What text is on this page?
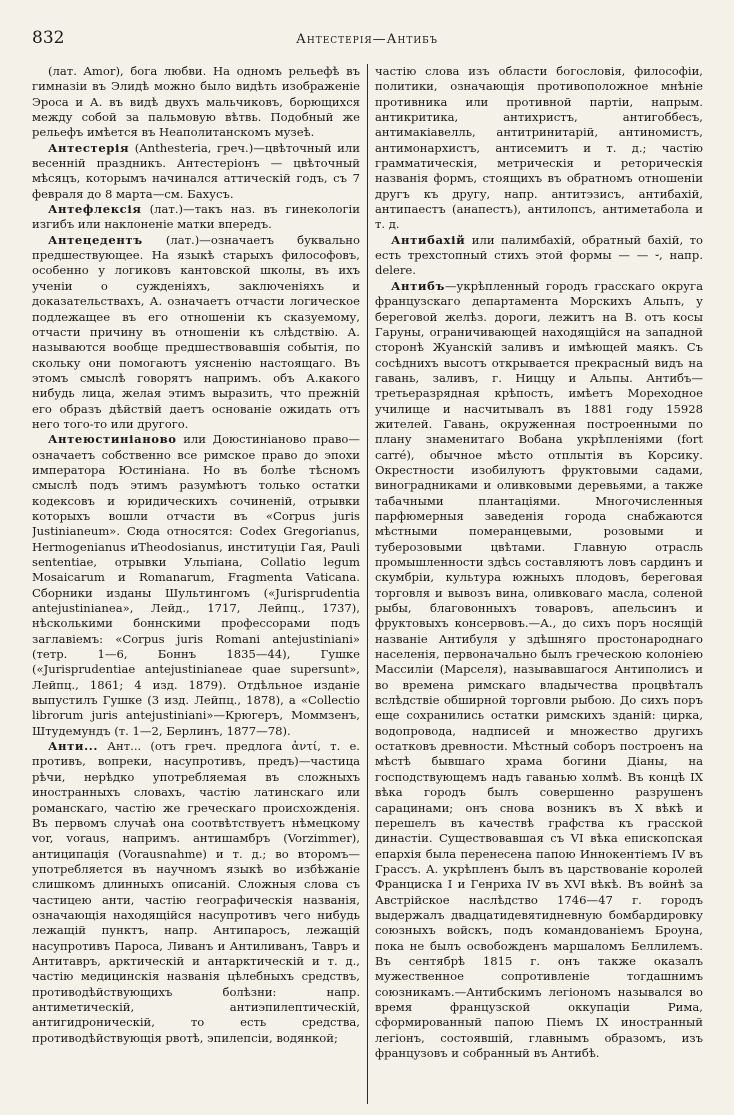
832	Антестерія—Антибъ

(лат. Amor), бога любви. На одномъ рельефѣ въ гимназіи въ Элидѣ можно было видѣть изображеніе Эроса и А. въ видѣ двухъ мальчиковъ, борющихся между собой за пальмовую вѣтвь. Подобный же рельефъ имѣется въ Неаполитанскомъ музеѣ.

Антестерія (Anthesteria, греч.)—цвѣточный или весенній праздникъ. Антестеріонъ — цвѣточный мѣсяцъ, которымъ начинался аттическій годъ, съ 7 февраля до 8 марта—см. Бахусъ.

Антефлексія (лат.)—такъ наз. въ гинекологіи изгибъ или наклоненіе матки впередъ.

Антецедентъ (лат.)—означаетъ буквально предшествующее. На языкѣ старыхъ философовъ, особенно у логиковъ кантовской школы, въ ихъ ученіи о сужденіяхъ, заключеніяхъ и доказательствахъ, А. означаетъ отчасти логическое подлежащее въ его отношеніи къ сказуемому, отчасти причину въ отношеніи къ слѣдствію. А. называются вообще предшествовавшія событія, по скольку они помогаютъ уясненію настоящаго. Въ этомъ смыслѣ говорятъ напримъ. объ А.какого нибудь лица, желая этимъ выразить, что прежній его образъ дѣйствій даетъ основаніе ожидать отъ него того-то или другого.

Антеюстиніаново или Доюстиніаново право—означаетъ собственно все римское право до эпохи императора Юстиніана. Но въ болѣе тѣсномъ смыслѣ подъ этимъ разумѣютъ только остатки кодексовъ и юридическихъ сочиненій, отрывки которыхъ вошли отчасти въ «Corpus juris Justinianeum». Сюда относятся: Codex Gregorianus, Hermogenianus иTheodosianus, институціи Гая, Pauli sententiae, отрывки Ульпіана, Collatio legum Mosaicarum и Romanarum, Fragmenta Vaticana. Сборники изданы Шультингомъ («Jurisprudentia antejustinianea», Лейд., 1717, Лейпц., 1737), нѣсколькими боннскими профессорами подъ заглавіемъ: «Corpus juris Romani antejustiniani» (тетр. 1—6, Боннъ 1835—44), Гушке («Jurisprudentiae antejustinianeae quae supersunt», Лейпц., 1861; 4 изд. 1879). Отдѣльное изданіе выпустилъ Гушке (3 изд. Лейпц., 1878), а «Collectio librorum juris antejustiniani»—Крюгеръ, Моммзенъ, Штудемундъ (т. 1—2, Берлинъ, 1877—78).

Анти... Ант... (отъ греч. предлога ἀντί, т. е. противъ, вопреки, насупротивъ, предъ)—частица рѣчи, нерѣдко употребляемая въ сложныхъ иностранныхъ словахъ, частію латинскаго или романскаго, частію же греческаго происхожденія. Въ первомъ случаѣ она соотвѣтствуетъ нѣмецкому vor, voraus, напримъ. антишамбръ (Vorzimmer), антиципація (Vorausnahme) и т. д.; во второмъ—употребляется въ научномъ языкѣ во избѣжаніе слишкомъ длинныхъ описаній. Сложныя слова съ частицею анти, частію географическія названія, означающія находящійся насупротивъ чего нибудь лежащій пунктъ, напр. Антипаросъ, лежащій насупротивъ Пароса, Ливанъ и Антиливанъ, Тавръ и Антитавръ, арктическій и антарктическій и т. д., частію медицинскія названія цѣлебныхъ средствъ, противодѣйствующихъ болѣзни: напр. антиметическій, антиэпилептическій, антигидроническій, то есть средства, противодѣйствующія рвотѣ, эпилепсіи, водянкой;

частію слова изъ области богословія, философіи, политики, означающія противоположное мнѣніе противника или противной партіи, напрым. антикритика, антихристъ, антигоббесъ, антимакіавелль, антитринитарій, антиномистъ, антимонархистъ, антисемитъ и т. д.; частію грамматическія, метрическія и реторическія названія формъ, стоящихъ въ обратномъ отношеніи другъ къ другу, напр. антитэзисъ, антибахій, антипаестъ (анапестъ), антилопсъ, антиметабола и т. д.

Антибахій или палимбахій, обратный бахій, то есть трехстопный стихъ этой формы — — ⏑, напр. delere.

Антибъ—укрѣпленный городъ грасскаго округа французскаго департамента Морскихъ Альпъ, у береговой желѣз. дороги, лежитъ на В. отъ косы Гаруны, ограничивающей находящійся на западной сторонѣ Жуанскій заливъ и имѣющей маякъ. Съ сосѣднихъ высотъ открывается прекрасный видъ на гавань, заливъ, г. Ниццу и Альпы. Антибъ—третьеразрядная крѣпость, имѣетъ Мореходное училище и насчитывалъ въ 1881 году 15928 жителей. Гавань, окруженная построенными по плану знаменитаго Вобана укрѣпленіями (fort carré), обычное мѣсто отплытія въ Корсику. Окрестности изобилуютъ фруктовыми садами, виноградниками и оливковыми деревьями, а также табачными плантаціями. Многочисленныя парфюмерныя заведенія города снабжаются мѣстными померанцевыми, розовыми и туберозовыми цвѣтами. Главную отрасль промышленности здѣсь составляютъ ловъ сардинъ и скумбріи, культура южныхъ плодовъ, береговая торговля и вывозъ вина, оливковаго масла, соленой рыбы, благовонныхъ товаровъ, апельсинъ и фруктовыхъ консервовъ.—А., до сихъ поръ носящій названіе Антибуля у здѣшняго простонароднаго населенія, первоначально былъ греческою колоніею Массиліи (Марселя), называвшагося Антиполисъ и во времена римскаго владычества процвѣталъ вслѣдствіе обширной торговли рыбою. До сихъ поръ еще сохранились остатки римскихъ зданій: цирка, водопровода, надписей и множество другихъ остатковъ древности. Мѣстный соборъ построенъ на мѣстѣ бывшаго храма богини Діаны, на господствующемъ надъ гаванью холмѣ. Въ концѣ IX вѣка городъ былъ совершенно разрушенъ сарацинами; онъ снова возникъ въ X вѣкѣ и перешелъ въ качествѣ графства къ грасской династіи. Существовавшая съ VI вѣка епископская епархія была перенесена папою Иннокентіемъ IV въ Грассъ. А. укрѣпленъ былъ въ царствованіе королей Франциска I и Генриха IV въ XVI вѣкѣ. Въ войнѣ за Австрійское наслѣдство 1746—47 г. городъ выдержалъ двадцатидевятидневную бомбардировку союзныхъ войскъ, подъ командованіемъ Броуна, пока не былъ освобожденъ маршаломъ Беллилемъ. Въ сентябрѣ 1815 г. онъ также оказалъ мужественное сопротивленіе тогдашнимъ союзникамъ.—Антибскимъ легіономъ назывался во время французской оккупаціи Рима, сформированный папою Піемъ IX иностранный легіонъ, состоявшій, главнымъ образомъ, изъ французовъ и собранный въ Антибѣ.
